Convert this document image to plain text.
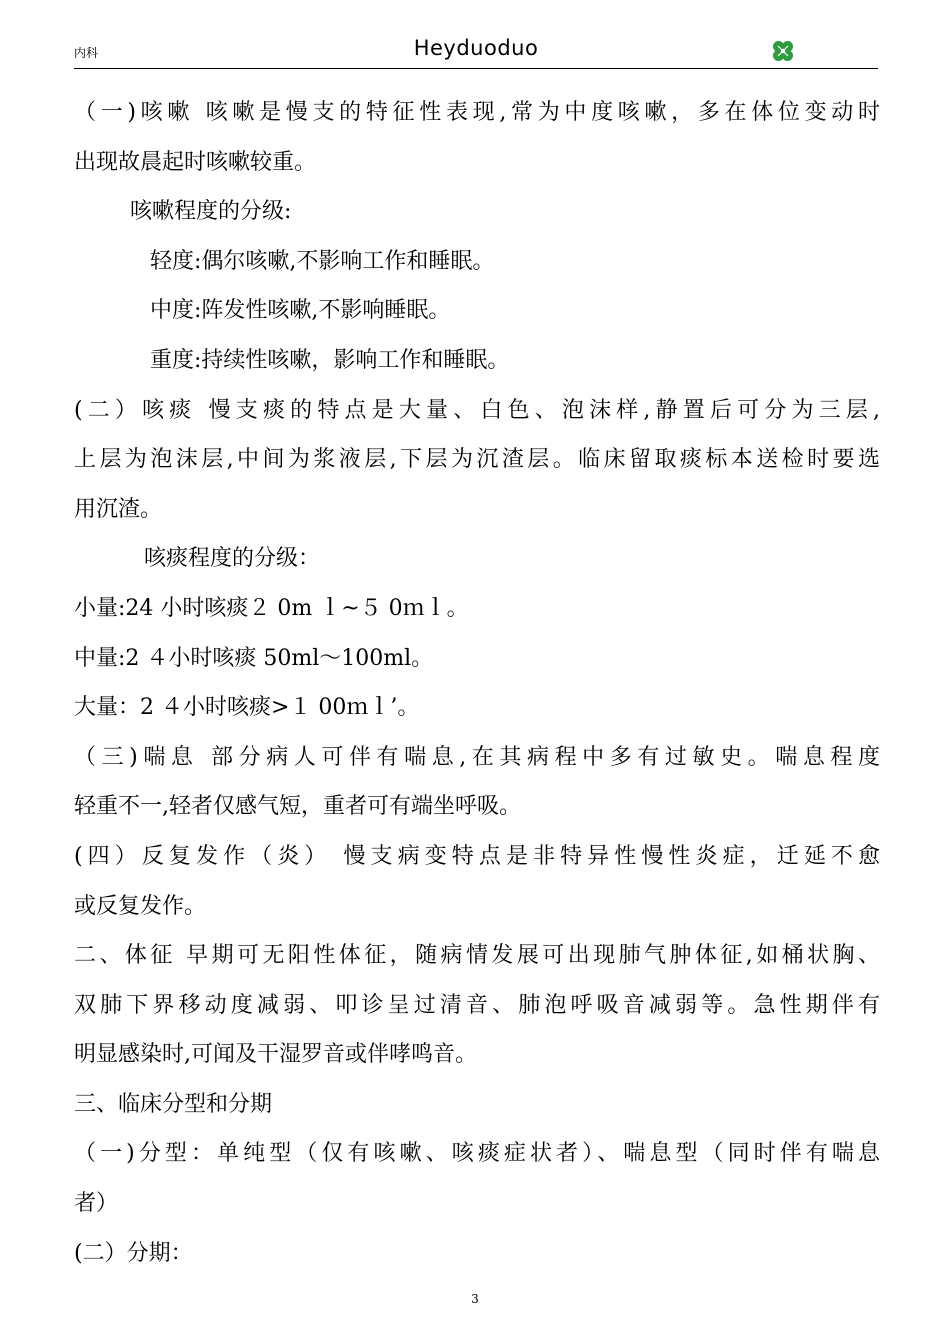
内科	Heyduoduo
（一)咳嗽 咳嗽是慢支的特征性表现,常为中度咳嗽，多在体位变动时
出现故晨起时咳嗽较重。
咳嗽程度的分级:
轻度:偶尔咳嗽,不影响工作和睡眠。
中度:阵发性咳嗽,不影响睡眠。
重度:持续性咳嗽，影响工作和睡眠。
(二）咳痰 慢支痰的特点是大量、白色、泡沫样,静置后可分为三层,
上层为泡沫层,中间为浆液层,下层为沉渣层。临床留取痰标本送检时要选
用沉渣。
咳痰程度的分级：
小量:24 小时咳痰２ 0m ｌ~５ 0ｍｌ。
中量:2 ４小时咳痰 50ml～100ml。
大量：2 ４小时咳痰>１ 00ｍｌ’。
（三)喘息 部分病人可伴有喘息,在其病程中多有过敏史。喘息程度
轻重不一,轻者仅感气短，重者可有端坐呼吸。
(四）反复发作（炎） 慢支病变特点是非特异性慢性炎症，迁延不愈
或反复发作。
二、体征 早期可无阳性体征，随病情发展可出现肺气肿体征,如桶状胸、
双肺下界移动度减弱、叩诊呈过清音、肺泡呼吸音减弱等。急性期伴有
明显感染时,可闻及干湿罗音或伴哮鸣音。
三、临床分型和分期
（一)分型：单纯型（仅有咳嗽、咳痰症状者）、喘息型（同时伴有喘息
者）
(二）分期：
3
